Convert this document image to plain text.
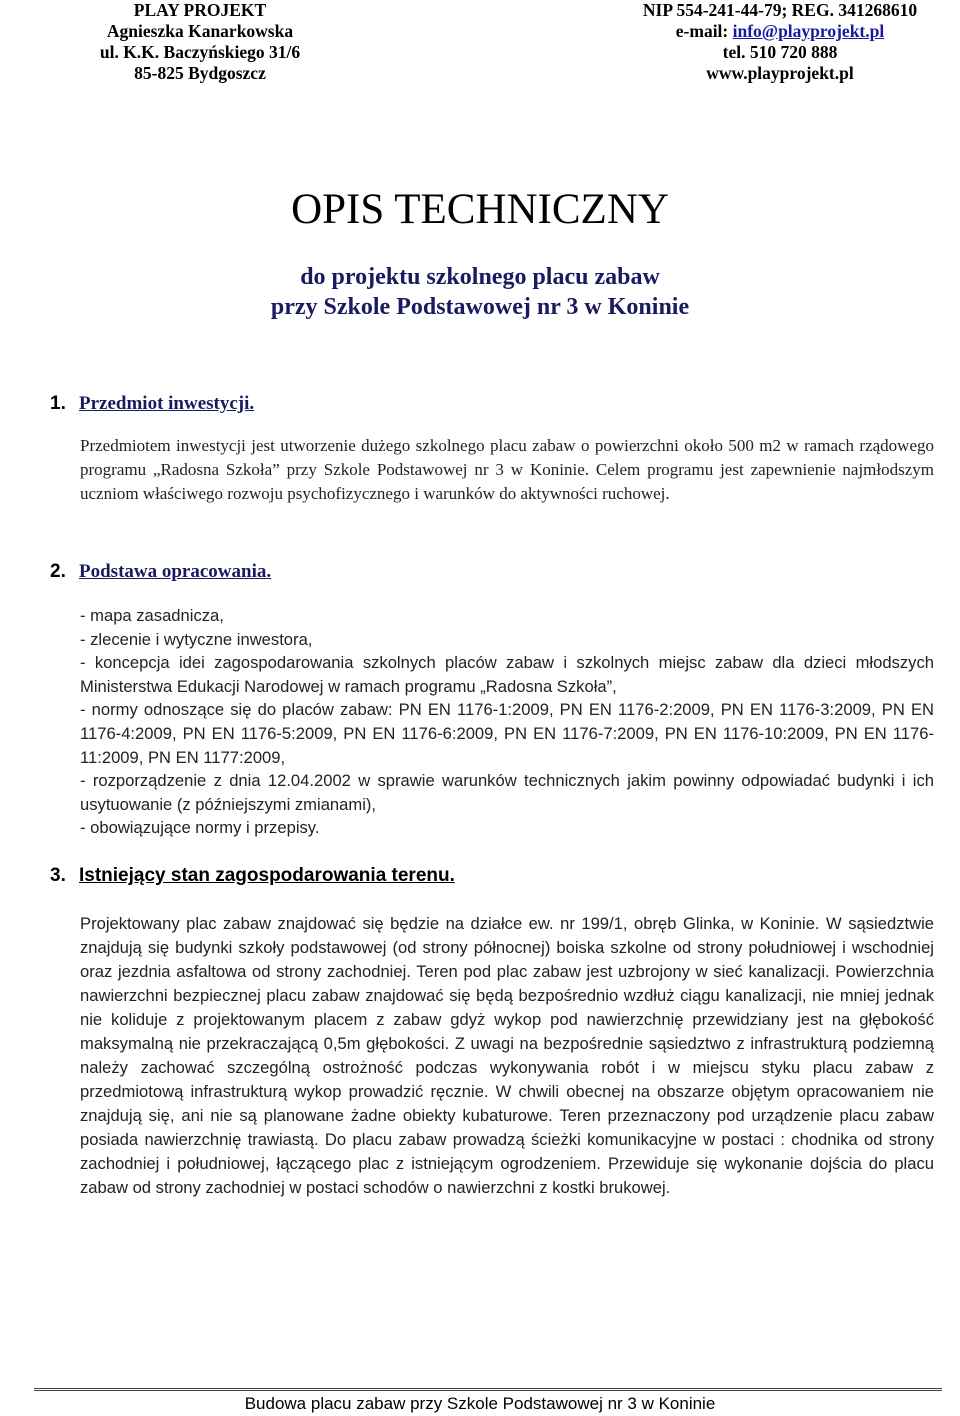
PLAY PROJEKT
Agnieszka Kanarkowska
ul. K.K. Baczyńskiego 31/6
85-825 Bydgoszcz
NIP 554-241-44-79; REG. 341268610
e-mail: info@playprojekt.pl
tel. 510 720 888
www.playprojekt.pl
OPIS TECHNICZNY
do projektu szkolnego placu zabaw
przy Szkole Podstawowej nr 3 w Koninie
1. Przedmiot inwestycji.
Przedmiotem inwestycji jest utworzenie dużego szkolnego placu zabaw o powierzchni około 500 m2 w ramach rządowego programu „Radosna Szkoła” przy Szkole Podstawowej nr 3 w Koninie. Celem programu jest zapewnienie najmłodszym uczniom właściwego rozwoju psychofizycznego i warunków do aktywności ruchowej.
2. Podstawa opracowania.
- mapa zasadnicza,
- zlecenie i wytyczne inwestora,
- koncepcja idei zagospodarowania szkolnych placów zabaw i szkolnych miejsc zabaw dla dzieci młodszych Ministerstwa Edukacji Narodowej w ramach programu „Radosna Szkoła”,
- normy odnoszące się do placów zabaw: PN EN 1176-1:2009, PN EN 1176-2:2009, PN EN 1176-3:2009, PN EN 1176-4:2009, PN EN 1176-5:2009, PN EN 1176-6:2009, PN EN 1176-7:2009, PN EN 1176-10:2009, PN EN 1176-11:2009, PN EN 1177:2009,
- rozporządzenie z dnia 12.04.2002 w sprawie warunków technicznych jakim powinny odpowiadać budynki i ich usytuowanie (z późniejszymi zmianami),
- obowiązujące normy i przepisy.
3. Istniejący stan zagospodarowania terenu.
Projektowany plac zabaw znajdować się będzie na działce ew. nr 199/1, obręb Glinka, w Koninie. W sąsiedztwie znajdują się budynki szkoły podstawowej (od strony północnej) boiska szkolne od strony południowej i wschodniej oraz jezdnia asfaltowa od strony zachodniej. Teren pod plac zabaw jest uzbrojony w sieć kanalizacji. Powierzchnia nawierzchni bezpiecznej placu zabaw znajdować się będą bezpośrednio wzdłuż ciągu kanalizacji, nie mniej jednak nie koliduje z projektowanym placem z zabaw gdyż wykop pod nawierzchnię przewidziany jest na głębokość maksymalną nie przekraczającą 0,5m głębokości. Z uwagi na bezpośrednie sąsiedztwo z infrastrukturą podziemną należy zachować szczególną ostrożność podczas wykonywania robót i w miejscu styku placu zabaw z przedmiotową infrastrukturą wykop prowadzić ręcznie. W chwili obecnej na obszarze objętym opracowaniem nie znajdują się, ani nie są planowane żadne obiekty kubaturowe. Teren przeznaczony pod urządzenie placu zabaw posiada nawierzchnię trawiastą. Do placu zabaw prowadzą ścieżki komunikacyjne w postaci : chodnika od strony zachodniej i południowej, łączącego plac z istniejącym ogrodzeniem. Przewiduje się wykonanie dojścia do placu zabaw od strony zachodniej w postaci schodów o nawierzchni z kostki brukowej.
Budowa placu zabaw przy Szkole Podstawowej nr 3 w Koninie
